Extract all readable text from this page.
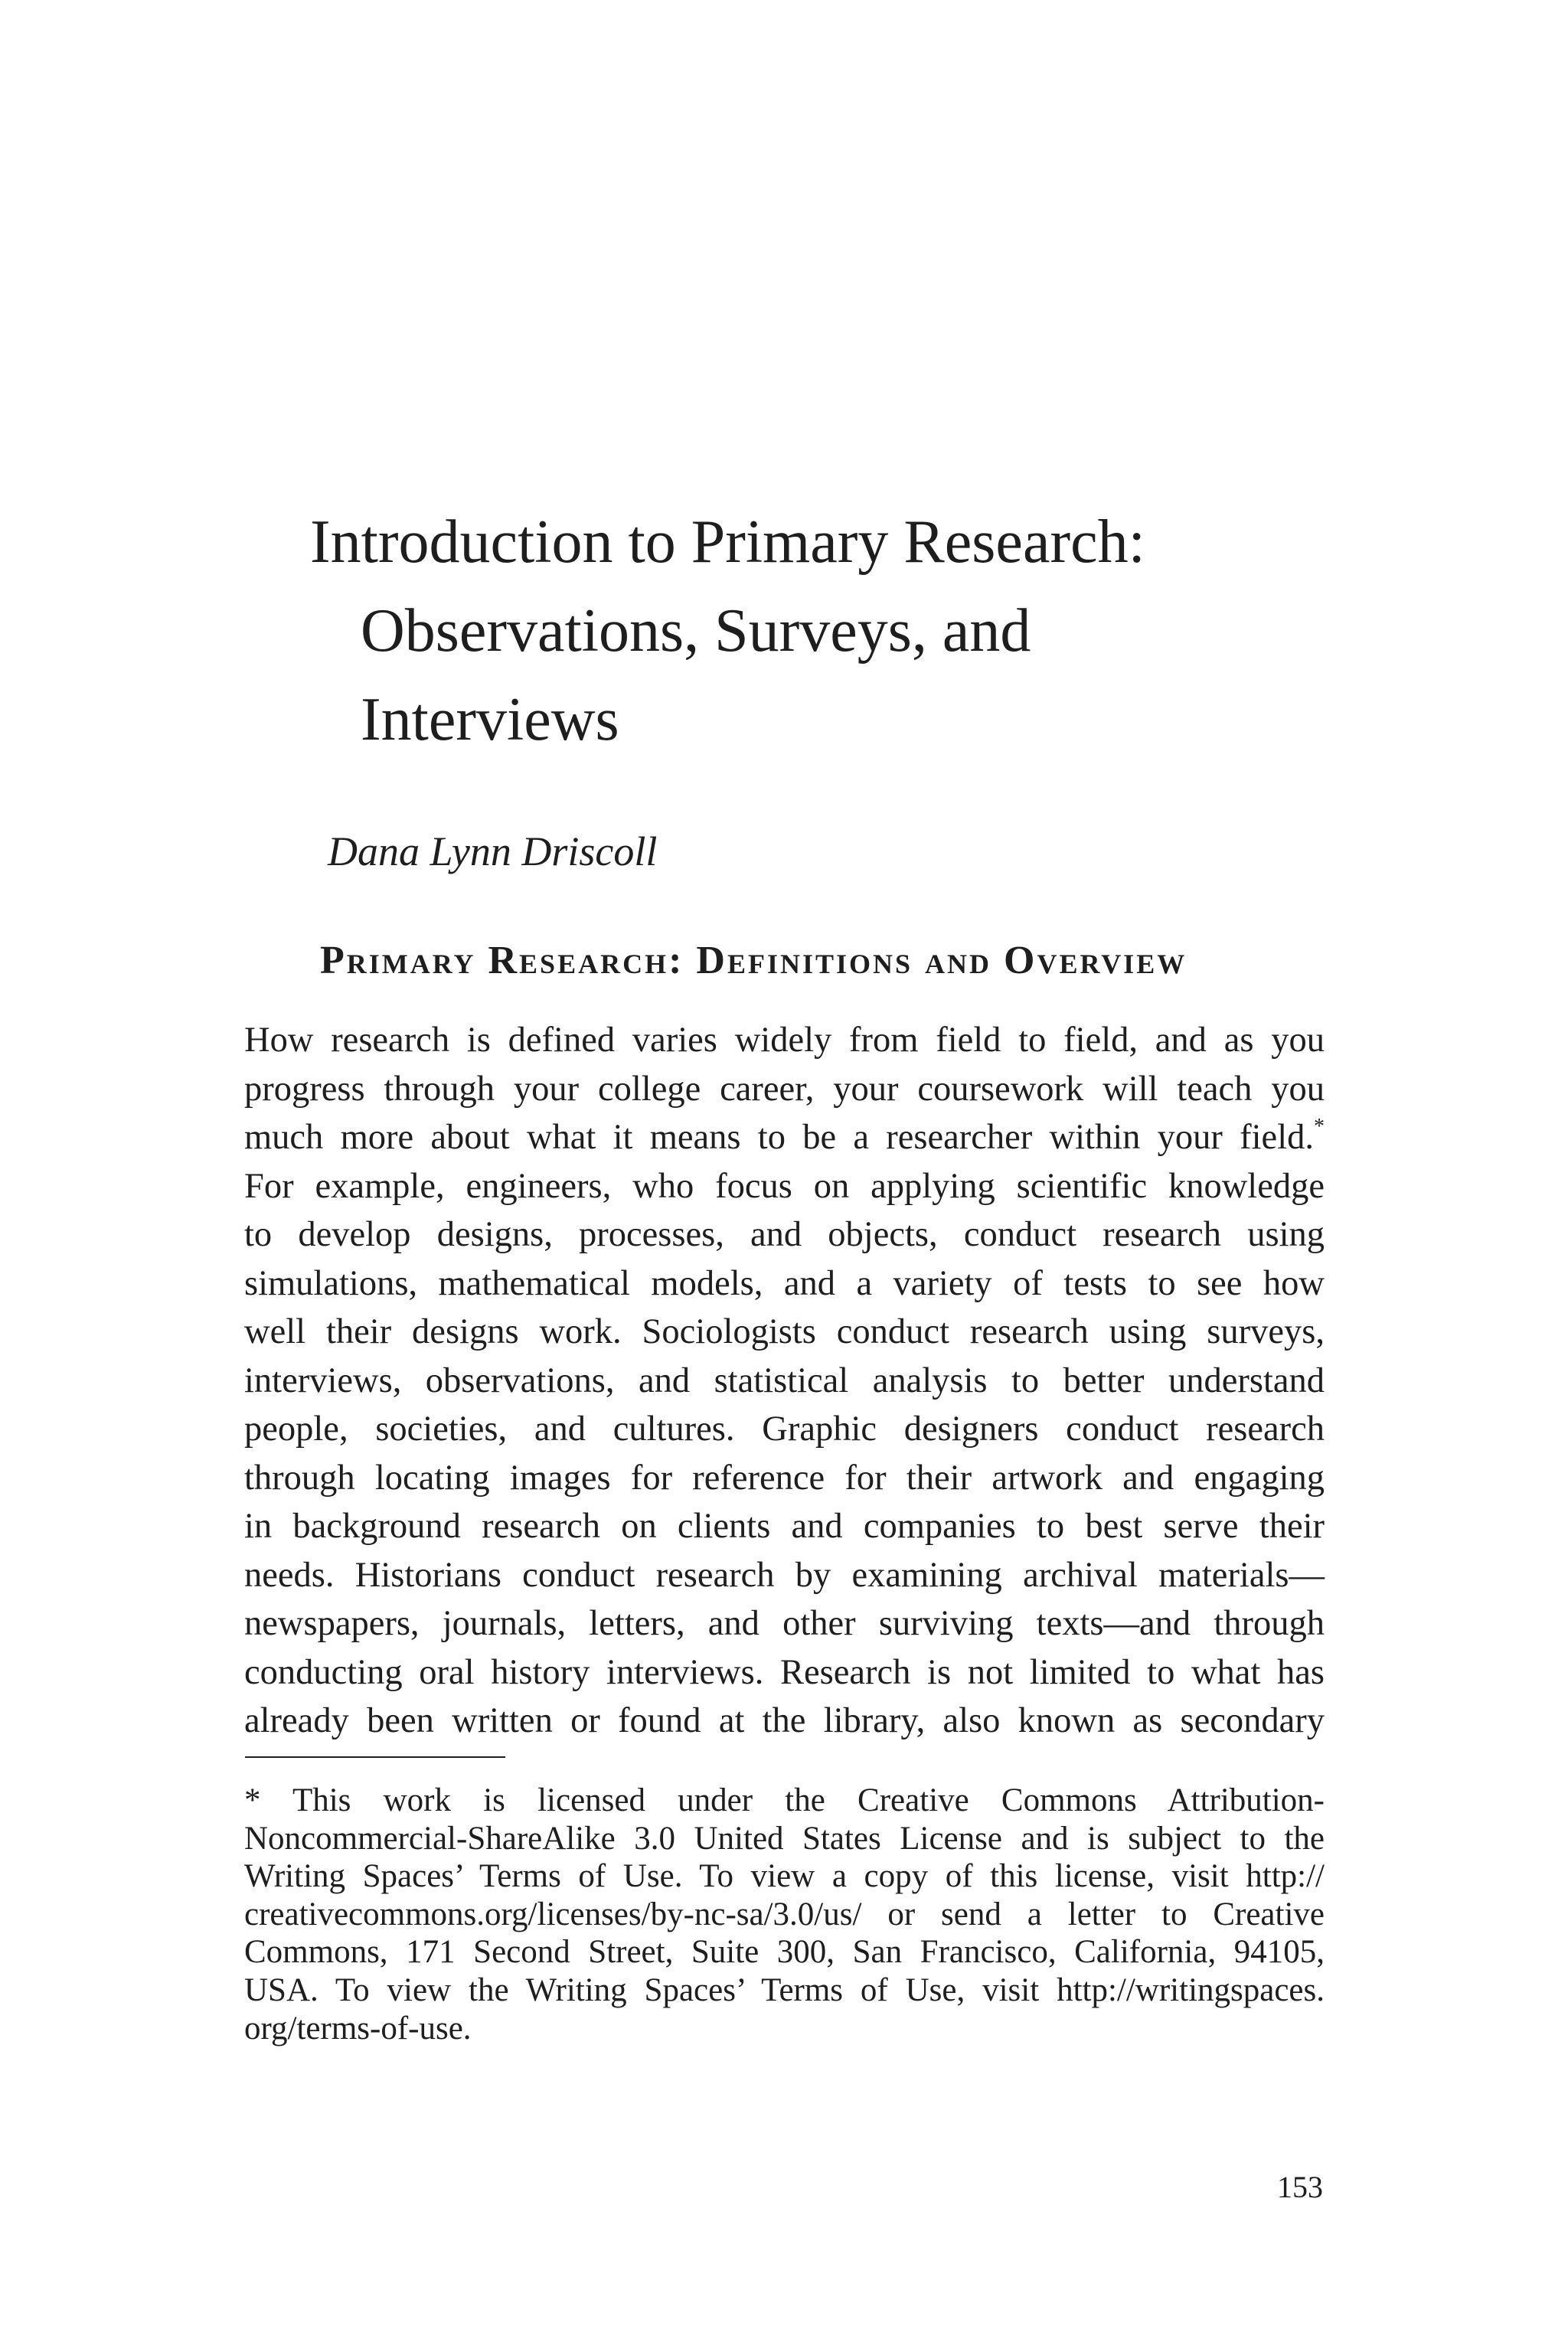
Introduction to Primary Research:
Observations, Surveys, and
Interviews
Dana Lynn Driscoll
Primary Research: Definitions and Overview
How research is defined varies widely from field to field, and as you
progress through your college career, your coursework will teach you
much more about what it means to be a researcher within your field.*
For example, engineers, who focus on applying scientific knowledge
to develop designs, processes, and objects, conduct research using
simulations, mathematical models, and a variety of tests to see how
well their designs work. Sociologists conduct research using surveys,
interviews, observations, and statistical analysis to better understand
people, societies, and cultures. Graphic designers conduct research
through locating images for reference for their artwork and engaging
in background research on clients and companies to best serve their
needs. Historians conduct research by examining archival materials—
newspapers, journals, letters, and other surviving texts—and through
conducting oral history interviews. Research is not limited to what has
already been written or found at the library, also known as secondary
* This work is licensed under the Creative Commons Attribution-
Noncommercial-ShareAlike 3.0 United States License and is subject to the
Writing Spaces’ Terms of Use. To view a copy of this license, visit http://
creativecommons.org/licenses/by-nc-sa/3.0/us/ or send a letter to Creative
Commons, 171 Second Street, Suite 300, San Francisco, California, 94105,
USA. To view the Writing Spaces’ Terms of Use, visit http://writingspaces.
org/terms-of-use.
153
